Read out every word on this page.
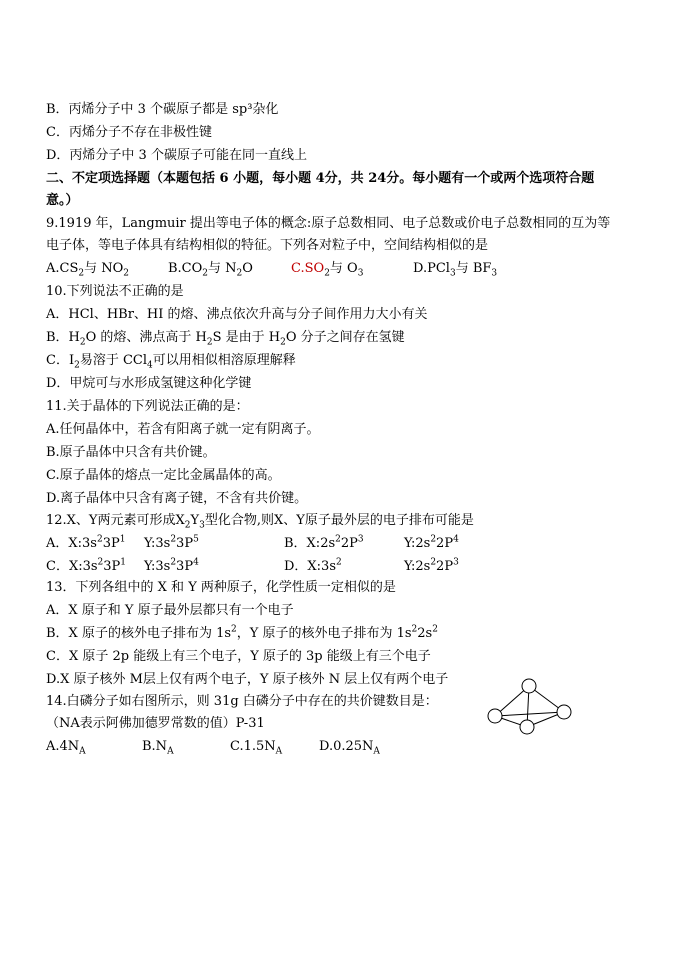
B．丙烯分子中 3 个碳原子都是 sp³杂化
C．丙烯分子不存在非极性键
D．丙烯分子中 3 个碳原子可能在同一直线上
二、不定项选择题（本题包括 6 小题，每小题 4分，共 24分。每小题有一个或两个选项符合题
意。）
9.1919 年，Langmuir 提出等电子体的概念:原子总数相同、电子总数或价电子总数相同的互为等
电子体，等电子体具有结构相似的特征。下列各对粒子中，空间结构相似的是
$A.CS_2$与 $NO_2$	$B.CO_2$与 $N_2O$	$C.SO_2$与 $O_3$	D.PCl$_3$与 $BF_3$
10.下列说法不正确的是
A．HCl、HBr、HI 的熔、沸点依次升高与分子间作用力大小有关
B．$H_2O$ 的熔、沸点高于 $H_2S$ 是由于 $H_2O$ 分子之间存在氢键
C．$I_2$易溶于 CCl$_4$可以用相似相溶原理解释
D．甲烷可与水形成氢键这种化学键
11.关于晶体的下列说法正确的是：
A.任何晶体中，若含有阳离子就一定有阴离子。
B.原子晶体中只含有共价键。
C.原子晶体的熔点一定比金属晶体的高。
D.离子晶体中只含有离子键，不含有共价键。
12.X、Y两元素可形成$X_2Y_3$型化合物,则X、Y原子最外层的电子排布可能是
A．$X:3s^23P^1$ $Y:3s^23P^5$	B．$X:2s^22P^3$	$Y:2s^22P^4$
C．$X:3s^23P^1$ $Y:3s^23P^4$	D．$X:3s^2$	$Y:2s^22P^3$
13．下列各组中的 X 和 Y 两种原子，化学性质一定相似的是
A．X 原子和 Y 原子最外层都只有一个电子
B．X 原子的核外电子排布为 $1s^2$，Y 原子的核外电子排布为 $1s^22s^2$
C．X 原子 2p 能级上有三个电子，Y 原子的 3p 能级上有三个电子
D.X 原子核外 M层上仅有两个电子，Y 原子核外 N 层上仅有两个电子
14.白磷分子如右图所示，则 31g 白磷分子中存在的共价键数目是：
（NA表示阿佛加德罗常数的值）P-31
$A.4N_A$	$B.N_A$	$C.1.5N_A$	$D.0.25N_A$
